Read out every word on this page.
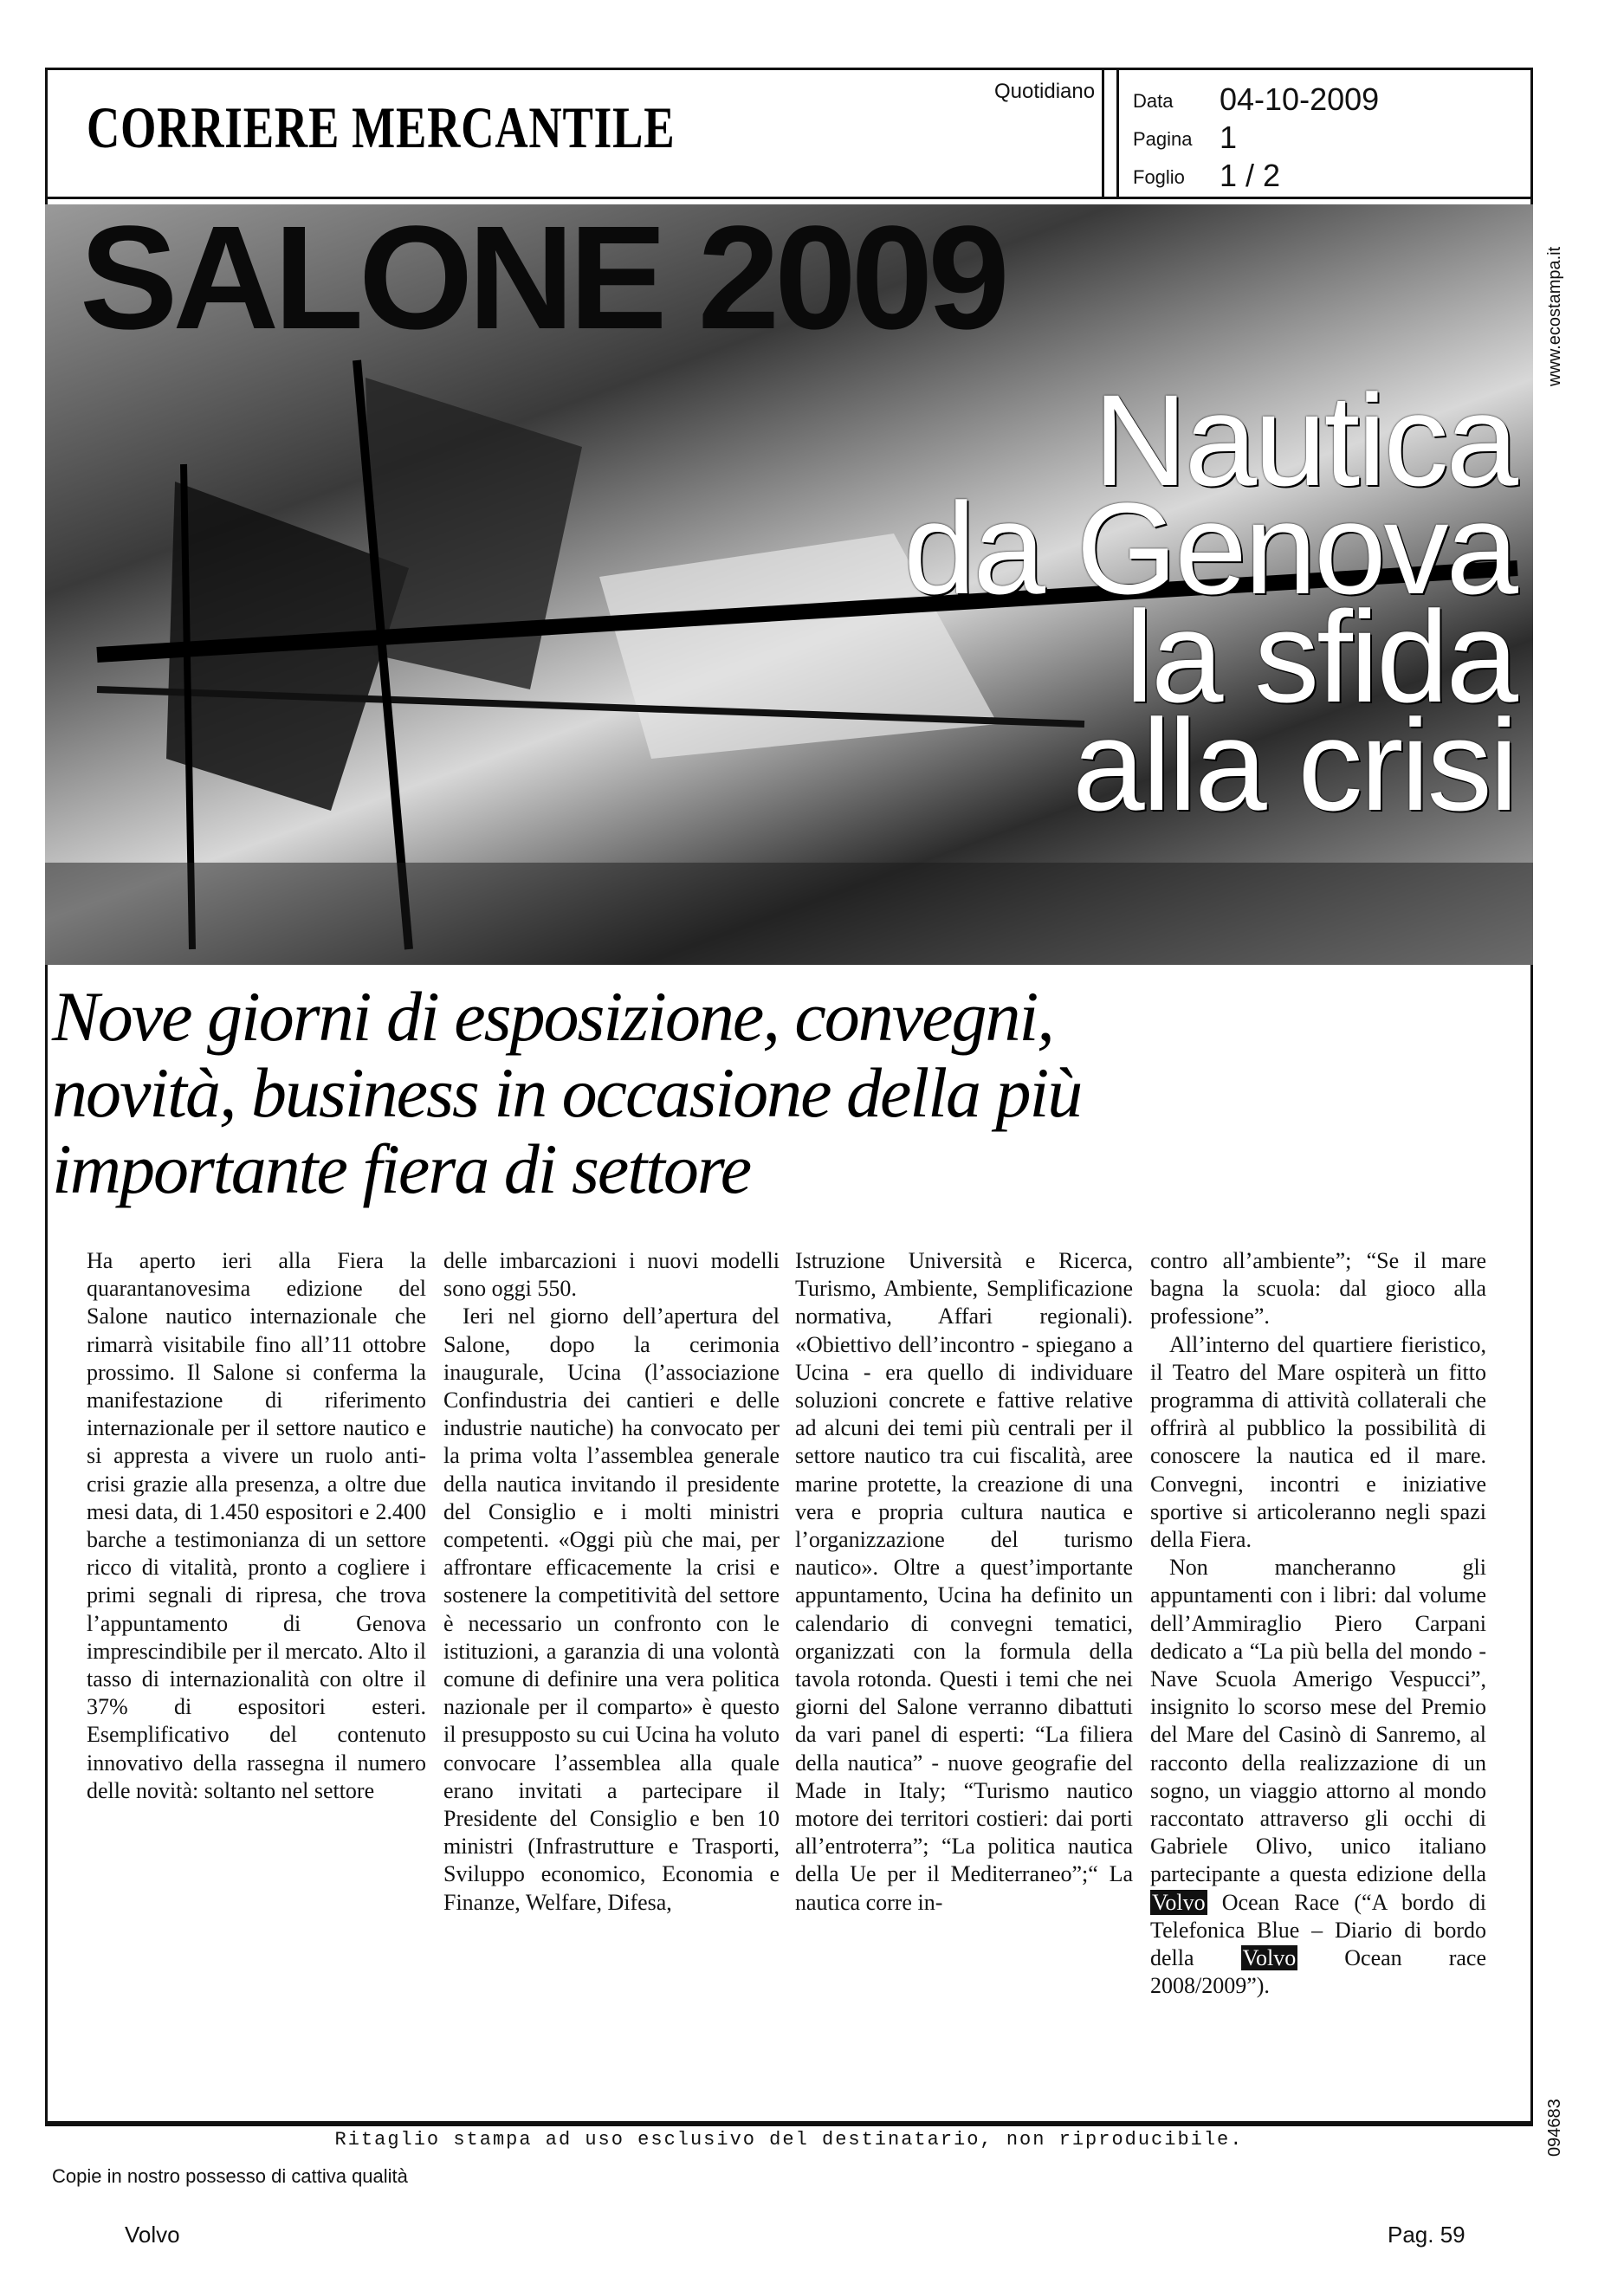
CORRIERE MERCANTILE
Quotidiano Data 04-10-2009
Pagina 1
Foglio 1 / 2
www.ecostampa.it
094683
SALONE 2009
Nautica
da Genova
la sfida
alla crisi
Nove giorni di esposizione, convegni, novità, business in occasione della più importante fiera di settore

Ha aperto ieri alla Fiera la quarantanovesima edizione del Salone nautico internazionale che rimarrà visitabile fino all’11 ottobre prossimo. Il Salone si conferma la manifestazione di riferimento internazionale per il settore nautico e si appresta a vivere un ruolo anti-crisi grazie alla presenza, a oltre due mesi data, di 1.450 espositori e 2.400 barche a testimonianza di un settore ricco di vitalità, pronto a cogliere i primi segnali di ripresa, che trova l’appuntamento di Genova imprescindibile per il mercato. Alto il tasso di internazionalità con oltre il 37% di espositori esteri. Esemplificativo del contenuto innovativo della rassegna il numero delle novità: soltanto nel settore

delle imbarcazioni i nuovi modelli sono oggi 550.

Ieri nel giorno dell’apertura del Salone, dopo la cerimonia inaugurale, Ucina (l’associazione Confindustria dei cantieri e delle industrie nautiche) ha convocato per la prima volta l’assemblea generale della nautica invitando il presidente del Consiglio e i molti ministri competenti. «Oggi più che mai, per affrontare efficacemente la crisi e sostenere la competitività del settore è necessario un confronto con le istituzioni, a garanzia di una volontà comune di definire una vera politica nazionale per il comparto» è questo il presupposto su cui Ucina ha voluto convocare l’assemblea alla quale erano invitati a partecipare il Presidente del Consiglio e ben 10 ministri (Infrastrutture e Trasporti, Sviluppo economico, Economia e Finanze, Welfare, Difesa,

Istruzione Università e Ricerca, Turismo, Ambiente, Semplificazione normativa, Affari regionali). «Obiettivo dell’incontro - spiegano a Ucina - era quello di individuare soluzioni concrete e fattive relative ad alcuni dei temi più centrali per il settore nautico tra cui fiscalità, aree marine protette, la creazione di una vera e propria cultura nautica e l’organizzazione del turismo nautico». Oltre a quest’importante appuntamento, Ucina ha definito un calendario di convegni tematici, organizzati con la formula della tavola rotonda. Questi i temi che nei giorni del Salone verranno dibattuti da vari panel di esperti: “La filiera della nautica” - nuove geografie del Made in Italy; “Turismo nautico motore dei territori costieri: dai porti all’entroterra”; “La politica nautica della Ue per il Mediterraneo”;“ La nautica corre in-

contro all’ambiente”; “Se il mare bagna la scuola: dal gioco alla professione”.

All’interno del quartiere fieristico, il Teatro del Mare ospiterà un fitto programma di attività collaterali che offrirà al pubblico la possibilità di conoscere la nautica ed il mare. Convegni, incontri e iniziative sportive si articoleranno negli spazi della Fiera.

Non mancheranno gli appuntamenti con i libri: dal volume dell’Ammiraglio Piero Carpani dedicato a “La più bella del mondo - Nave Scuola Amerigo Vespucci”, insignito lo scorso mese del Premio del Mare del Casinò di Sanremo, al racconto della realizzazione di un sogno, un viaggio attorno al mondo raccontato attraverso gli occhi di Gabriele Olivo, unico italiano partecipante a questa edizione della Volvo Ocean Race (“A bordo di Telefonica Blue – Diario di bordo della Volvo Ocean race 2008/2009”).

Ritaglio stampa ad uso esclusivo del destinatario, non riproducibile.
Copie in nostro possesso di cattiva qualità
Volvo	Pag. 59
